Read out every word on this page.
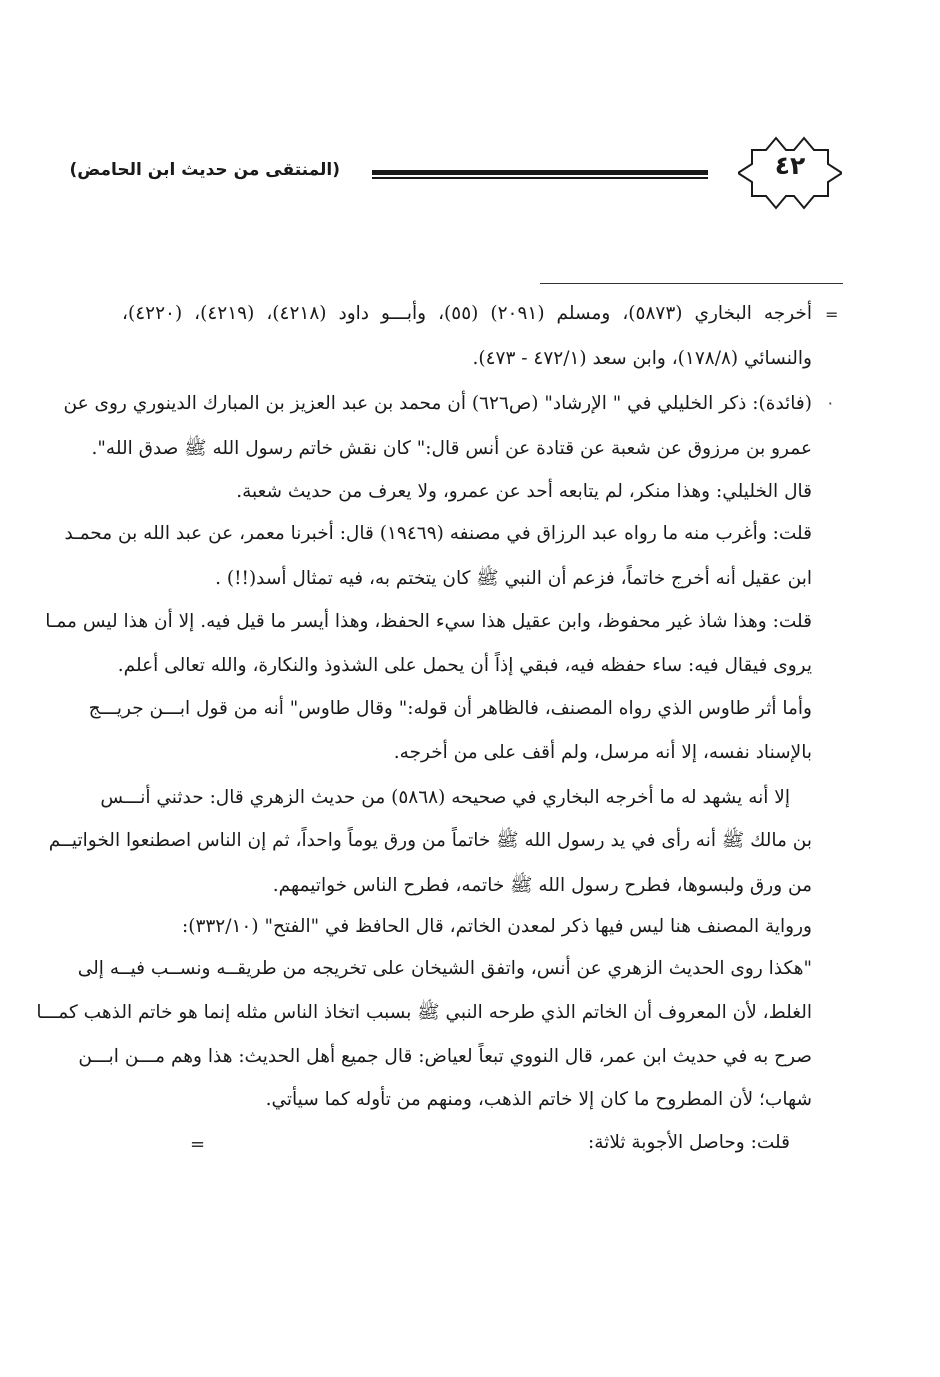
٤٢
(المنتقى من حديث ابن الحامض)
=
٠
أخرجه البخاري (٥٨٧٣)، ومسلم (٢٠٩١) (٥٥)، وأبـــو داود (٤٢١٨)، (٤٢١٩)، (٤٢٢٠)،
والنسائي (١٧٨/٨)، وابن سعد (٤٧٢/١ - ٤٧٣).
(فائدة): ذكر الخليلي في " الإرشاد" (ص٦٢٦) أن محمد بن عبد العزيز بن المبارك الدينوري روى عن
عمرو بن مرزوق عن شعبة عن قتادة عن أنس قال:" كان نقش خاتم رسول الله ﷺ صدق الله".
قال الخليلي: وهذا منكر، لم يتابعه أحد عن عمرو، ولا يعرف من حديث شعبة.
قلت: وأغرب منه ما رواه عبد الرزاق في مصنفه (١٩٤٦٩) قال: أخبرنا معمر، عن عبد الله بن محمـد
ابن عقيل أنه أخرج خاتماً، فزعم أن النبي ﷺ كان يتختم به، فيه تمثال أسد(!!) .
قلت: وهذا شاذ غير محفوظ، وابن عقيل هذا سيء الحفظ، وهذا أيسر ما قيل فيه. إلا أن هذا ليس ممـا
يروى فيقال فيه: ساء حفظه فيه، فبقي إذاً أن يحمل على الشذوذ والنكارة، والله تعالى أعلم.
وأما أثر طاوس الذي رواه المصنف، فالظاهر أن قوله:" وقال طاوس" أنه من قول ابـــن جريـــج
بالإسناد نفسه، إلا أنه مرسل، ولم أقف على من أخرجه.
إلا أنه يشهد له ما أخرجه البخاري في صحيحه (٥٨٦٨) من حديث الزهري قال: حدثني أنـــس
بن مالك ﷺ أنه رأى في يد رسول الله ﷺ خاتماً من ورق يوماً واحداً، ثم إن الناس اصطنعوا الخواتيــم
من ورق ولبسوها، فطرح رسول الله ﷺ خاتمه، فطرح الناس خواتيمهم.
ورواية المصنف هنا ليس فيها ذكر لمعدن الخاتم، قال الحافظ في "الفتح" (٣٣٢/١٠):
"هكذا روى الحديث الزهري عن أنس، واتفق الشيخان على تخريجه من طريقــه ونســب فيــه إلى
الغلط، لأن المعروف أن الخاتم الذي طرحه النبي ﷺ بسبب اتخاذ الناس مثله إنما هو خاتم الذهب كمـــا
صرح به في حديث ابن عمر، قال النووي تبعاً لعياض: قال جميع أهل الحديث: هذا وهم مـــن ابـــن
شهاب؛ لأن المطروح ما كان إلا خاتم الذهب، ومنهم من تأوله كما سيأتي.
قلت: وحاصل الأجوبة ثلاثة:
=
